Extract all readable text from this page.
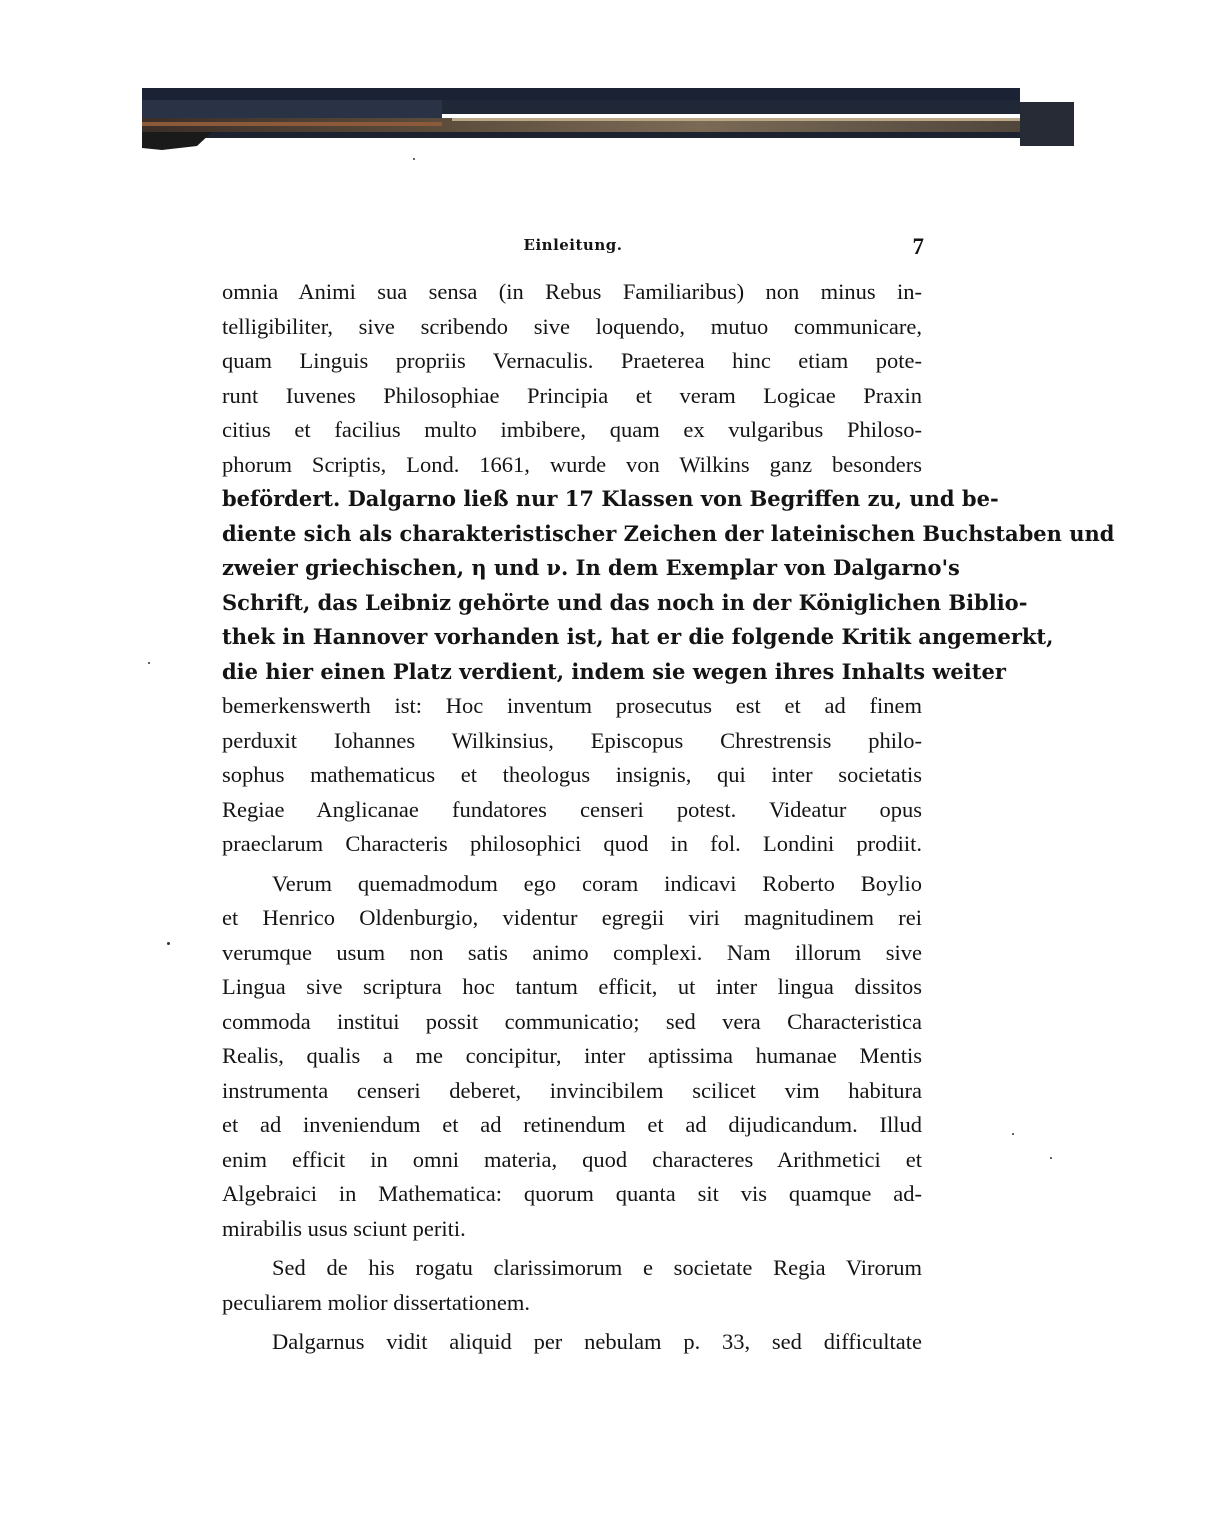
Einleitung.	7
omnia Animi sua sensa (in Rebus Familiaribus) non minus in-
telligibiliter, sive scribendo sive loquendo, mutuo communicare,
quam Linguis propriis Vernaculis. Praeterea hinc etiam pote-
runt Iuvenes Philosophiae Principia et veram Logicae Praxin
citius et facilius multo imbibere, quam ex vulgaribus Philoso-
phorum Scriptis, Lond. 1661, wurde von Wilkins ganz besonders
befördert. Dalgarno ließ nur 17 Klassen von Begriffen zu, und be-
diente sich als charakteristischer Zeichen der lateinischen Buchstaben und
zweier griechischen, η und ν. In dem Exemplar von Dalgarno's
Schrift, das Leibniz gehörte und das noch in der Königlichen Biblio-
thek in Hannover vorhanden ist, hat er die folgende Kritik angemerkt,
die hier einen Platz verdient, indem sie wegen ihres Inhalts weiter
bemerkenswerth ist: Hoc inventum prosecutus est et ad finem
perduxit Iohannes Wilkinsius, Episcopus Chrestrensis philo-
sophus mathematicus et theologus insignis, qui inter societatis
Regiae Anglicanae fundatores censeri potest. Videatur opus
praeclarum Characteris philosophici quod in fol. Londini prodiit.
Verum quemadmodum ego coram indicavi Roberto Boylio
et Henrico Oldenburgio, videntur egregii viri magnitudinem rei
verumque usum non satis animo complexi. Nam illorum sive
Lingua sive scriptura hoc tantum efficit, ut inter lingua dissitos
commoda institui possit communicatio; sed vera Characteristica
Realis, qualis a me concipitur, inter aptissima humanae Mentis
instrumenta censeri deberet, invincibilem scilicet vim habitura
et ad inveniendum et ad retinendum et ad dijudicandum. Illud
enim efficit in omni materia, quod characteres Arithmetici et
Algebraici in Mathematica: quorum quanta sit vis quamque ad-
mirabilis usus sciunt periti.
Sed de his rogatu clarissimorum e societate Regia Virorum
peculiarem molior dissertationem.
Dalgarnus vidit aliquid per nebulam p. 33, sed difficultate
